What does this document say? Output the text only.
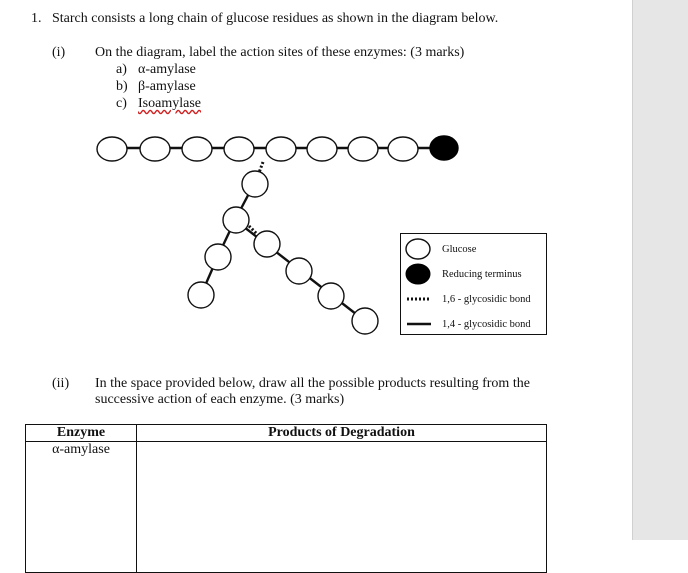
1. Starch consists a long chain of glucose residues as shown in the diagram below.
(i) On the diagram, label the action sites of these enzymes: (3 marks)
a) α-amylase
b) β-amylase
c) Isoamylase
Glucose
Reducing terminus
1,6 - glycosidic bond
1,4 - glycosidic bond
(ii) In the space provided below, draw all the possible products resulting from the
successive action of each enzyme. (3 marks)
Enzyme	Products of Degradation
α-amylase	
